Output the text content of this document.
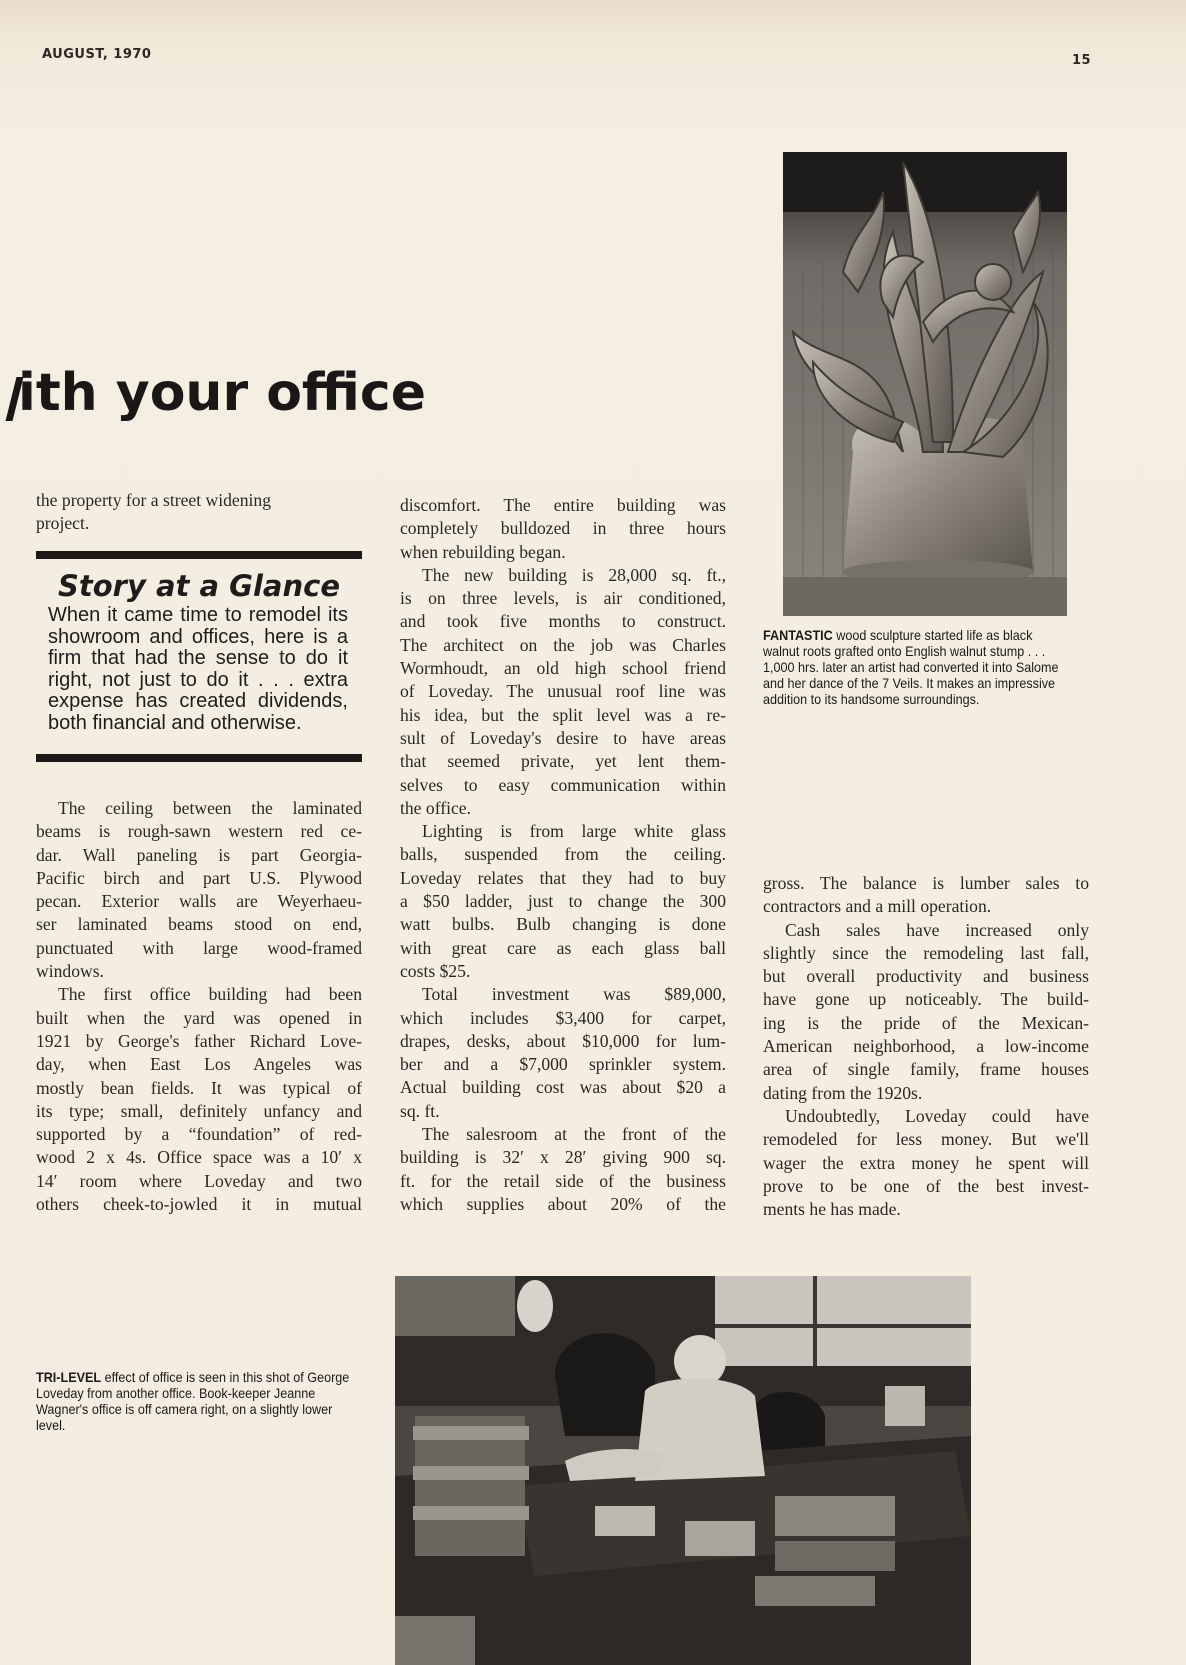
AUGUST, 1970	15
ith your office

the property for a street widening

project.

Story at a Glance
When it came time to remodel its showroom and offices, here is a firm that had the sense to do it right, not just to do it . . . extra expense has created dividends, both financial and otherwise.
The ceiling between the laminated
beams is rough-sawn western red ce-
dar. Wall paneling is part Georgia-
Pacific birch and part U.S. Plywood
pecan. Exterior walls are Weyerhaeu-
ser laminated beams stood on end,
punctuated with large wood-framed
windows.
The first office building had been
built when the yard was opened in
1921 by George's father Richard Love-
day, when East Los Angeles was
mostly bean fields. It was typical of
its type; small, definitely unfancy and
supported by a “foundation” of red-
wood 2 x 4s. Office space was a 10′ x
14′ room where Loveday and two
others cheek-to-jowled it in mutual
discomfort. The entire building was
completely bulldozed in three hours
when rebuilding began.
The new building is 28,000 sq. ft.,
is on three levels, is air conditioned,
and took five months to construct.
The architect on the job was Charles
Wormhoudt, an old high school friend
of Loveday. The unusual roof line was
his idea, but the split level was a re-
sult of Loveday's desire to have areas
that seemed private, yet lent them-
selves to easy communication within
the office.
Lighting is from large white glass
balls, suspended from the ceiling.
Loveday relates that they had to buy
a $50 ladder, just to change the 300
watt bulbs. Bulb changing is done
with great care as each glass ball
costs $25.
Total investment was $89,000,
which includes $3,400 for carpet,
drapes, desks, about $10,000 for lum-
ber and a $7,000 sprinkler system.
Actual building cost was about $20 a
sq. ft.
The salesroom at the front of the
building is 32′ x 28′ giving 900 sq.
ft. for the retail side of the business
which supplies about 20% of the
FANTASTIC wood sculpture started life as black walnut roots grafted onto English walnut stump . . . 1,000 hrs. later an artist had converted it into Salome and her dance of the 7 Veils. It makes an impressive addition to its handsome surroundings.
gross. The balance is lumber sales to
contractors and a mill operation.
Cash sales have increased only
slightly since the remodeling last fall,
but overall productivity and business
have gone up noticeably. The build-
ing is the pride of the Mexican-
American neighborhood, a low-income
area of single family, frame houses
dating from the 1920s.
Undoubtedly, Loveday could have
remodeled for less money. But we'll
wager the extra money he spent will
prove to be one of the best invest-
ments he has made.
TRI-LEVEL effect of office is seen in this shot of George Loveday from another office. Book-keeper Jeanne Wagner's office is off camera right, on a slightly lower level.
